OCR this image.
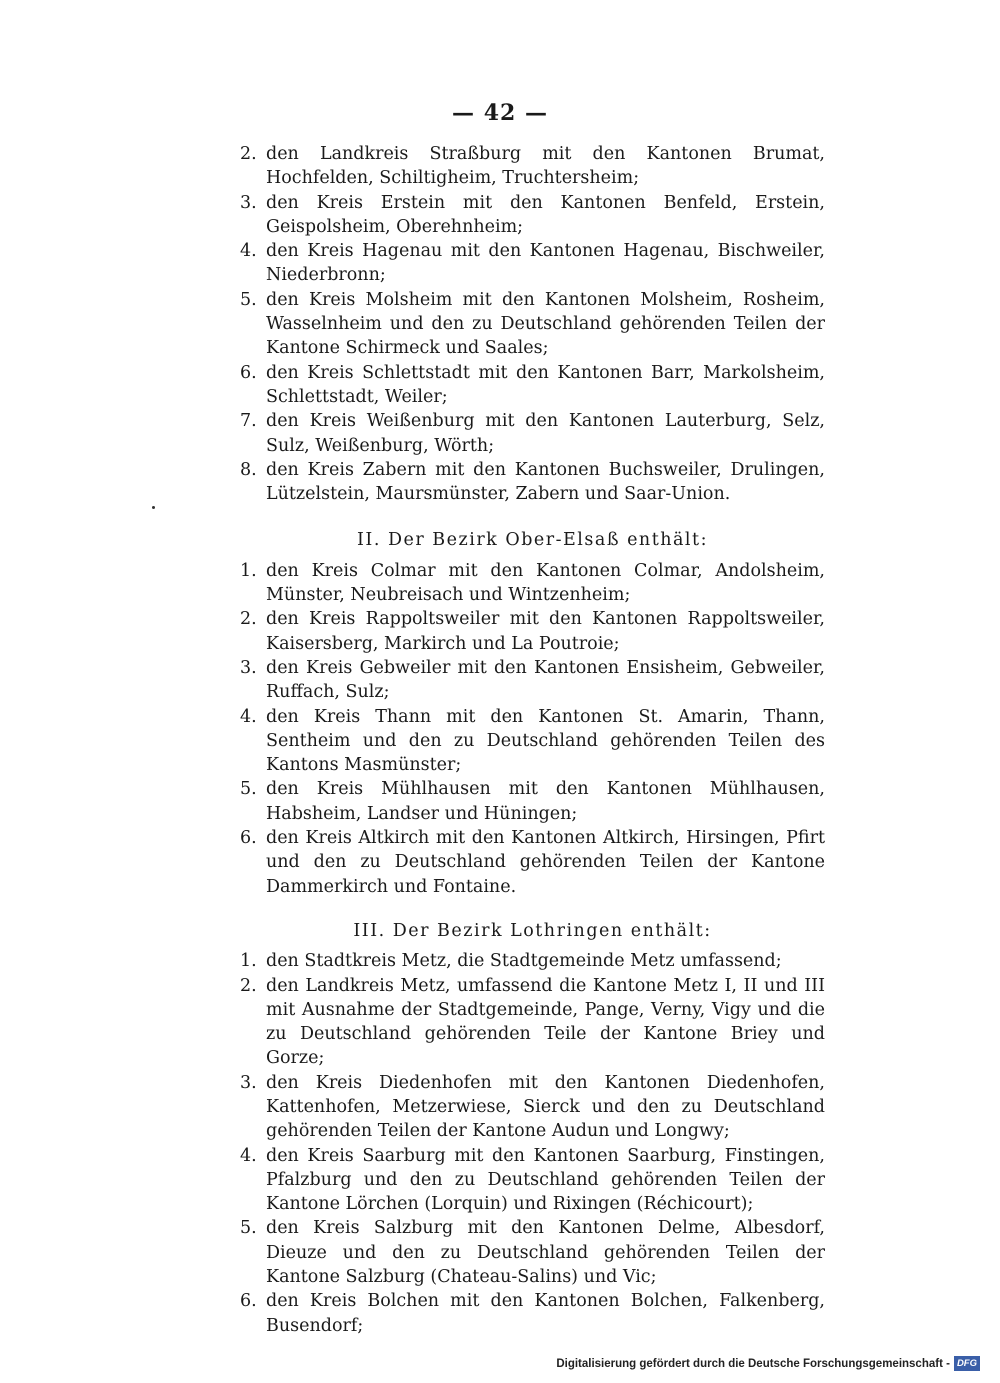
— 42 —
2. den Landkreis Straßburg mit den Kantonen Brumat, Hochfelden, Schiltigheim, Truchtersheim;
3. den Kreis Erstein mit den Kantonen Benfeld, Erstein, Geispolsheim, Oberehnheim;
4. den Kreis Hagenau mit den Kantonen Hagenau, Bischweiler, Niederbronn;
5. den Kreis Molsheim mit den Kantonen Molsheim, Rosheim, Wasselnheim und den zu Deutschland gehörenden Teilen der Kantone Schirmeck und Saales;
6. den Kreis Schlettstadt mit den Kantonen Barr, Markolsheim, Schlettstadt, Weiler;
7. den Kreis Weißenburg mit den Kantonen Lauterburg, Selz, Sulz, Weißenburg, Wörth;
8. den Kreis Zabern mit den Kantonen Buchsweiler, Drulingen, Lützelstein, Maursmünster, Zabern und Saar-Union.
II. Der Bezirk Ober-Elsaß enthält:
1. den Kreis Colmar mit den Kantonen Colmar, Andolsheim, Münster, Neubreisach und Wintzenheim;
2. den Kreis Rappoltsweiler mit den Kantonen Rappoltsweiler, Kaisersberg, Markirch und La Poutroie;
3. den Kreis Gebweiler mit den Kantonen Ensisheim, Gebweiler, Ruffach, Sulz;
4. den Kreis Thann mit den Kantonen St. Amarin, Thann, Sentheim und den zu Deutschland gehörenden Teilen des Kantons Masmünster;
5. den Kreis Mühlhausen mit den Kantonen Mühlhausen, Habsheim, Landser und Hüningen;
6. den Kreis Altkirch mit den Kantonen Altkirch, Hirsingen, Pfirt und den zu Deutschland gehörenden Teilen der Kantone Dammerkirch und Fontaine.
III. Der Bezirk Lothringen enthält:
1. den Stadtkreis Metz, die Stadtgemeinde Metz umfassend;
2. den Landkreis Metz, umfassend die Kantone Metz I, II und III mit Ausnahme der Stadtgemeinde, Pange, Verny, Vigy und die zu Deutschland gehörenden Teile der Kantone Briey und Gorze;
3. den Kreis Diedenhofen mit den Kantonen Diedenhofen, Kattenhofen, Metzerwiese, Sierck und den zu Deutschland gehörenden Teilen der Kantone Audun und Longwy;
4. den Kreis Saarburg mit den Kantonen Saarburg, Finstingen, Pfalzburg und den zu Deutschland gehörenden Teilen der Kantone Lörchen (Lorquin) und Rixingen (Réchicourt);
5. den Kreis Salzburg mit den Kantonen Delme, Albesdorf, Dieuze und den zu Deutschland gehörenden Teilen der Kantone Salzburg (Chateau-Salins) und Vic;
6. den Kreis Bolchen mit den Kantonen Bolchen, Falkenberg, Busendorf;
Digitalisierung gefördert durch die Deutsche Forschungsgemeinschaft - DFG
